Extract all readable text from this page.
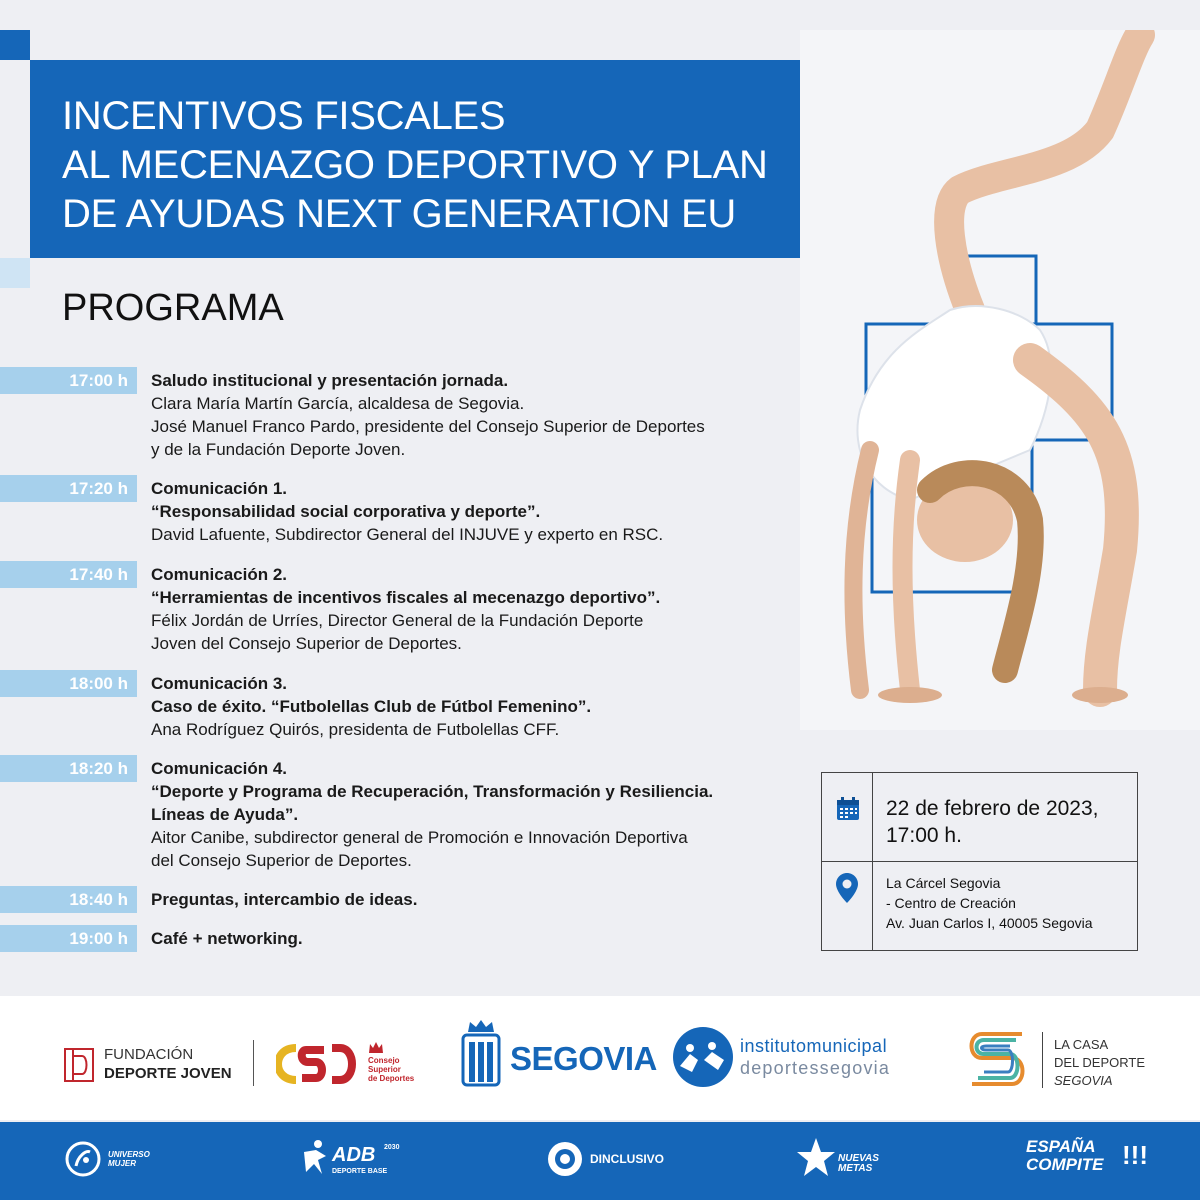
INCENTIVOS FISCALES
AL MECENAZGO DEPORTIVO Y PLAN
DE AYUDAS NEXT GENERATION EU
PROGRAMA
17:00 h	Saludo institucional y presentación jornada.
Clara María Martín García, alcaldesa de Segovia.
José Manuel Franco Pardo, presidente del Consejo Superior de Deportes
y de la Fundación Deporte Joven.
17:20 h	Comunicación 1.
“Responsabilidad social corporativa y deporte”.
David Lafuente, Subdirector General del INJUVE y experto en RSC.
17:40 h	Comunicación 2.
“Herramientas de incentivos fiscales al mecenazgo deportivo”.
Félix Jordán de Urríes, Director General de la Fundación Deporte
Joven del Consejo Superior de Deportes.
18:00 h	Comunicación 3.
Caso de éxito. “Futbolellas Club de Fútbol Femenino”.
Ana Rodríguez Quirós, presidenta de Futbolellas CFF.
18:20 h	Comunicación 4.
“Deporte y Programa de Recuperación, Transformación y Resiliencia.
Líneas de Ayuda”.
Aitor Canibe, subdirector general de Promoción e Innovación Deportiva
del Consejo Superior de Deportes.
18:40 h	Preguntas, intercambio de ideas.
19:00 h	Café + networking.
22 de febrero de 2023,
17:00 h.
La Cárcel Segovia
- Centro de Creación
Av. Juan Carlos I, 40005 Segovia
FUNDACIÓN
DEPORTE JOVEN
Consejo
Superior
de Deportes
SEGOVIA	institutomunicipal
deportessegovia
LA CASA
DEL DEPORTE
SEGOVIA
UNIVERSO
MUJER	ADB 2030
DEPORTE BASE
DINCLUSIVO	NUEVAS
METAS
ESPAÑA
COMPITE !!!
